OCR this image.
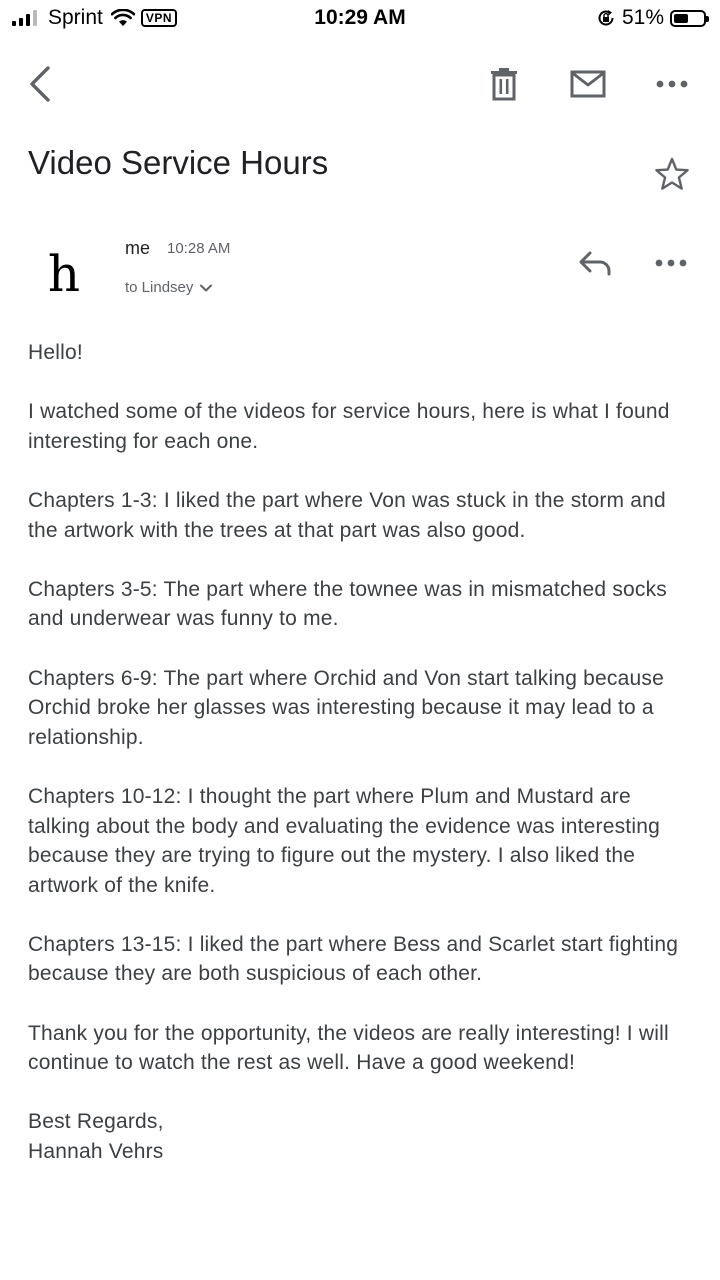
Sprint	VPN	10:29 AM	51%
Video Service Hours
h	me 10:28 AM
to Lindsey

Hello!

I watched some of the videos for service hours, here is what I found interesting for each one.

Chapters 1-3: I liked the part where Von was stuck in the storm and the artwork with the trees at that part was also good.

Chapters 3-5: The part where the townee was in mismatched socks and underwear was funny to me.

Chapters 6-9: The part where Orchid and Von start talking because Orchid broke her glasses was interesting because it may lead to a relationship.

Chapters 10-12: I thought the part where Plum and Mustard are talking about the body and evaluating the evidence was interesting because they are trying to figure out the mystery. I also liked the artwork of the knife.

Chapters 13-15: I liked the part where Bess and Scarlet start fighting because they are both suspicious of each other.

Thank you for the opportunity, the videos are really interesting! I will continue to watch the rest as well. Have a good weekend!

Best Regards,
Hannah Vehrs
